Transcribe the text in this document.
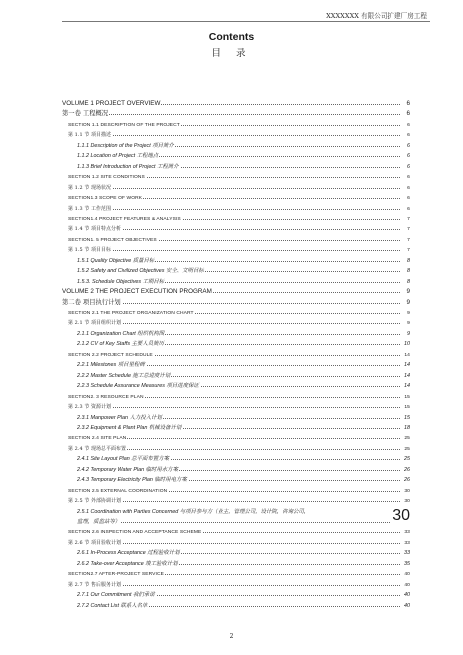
XXXXXXX 有限公司扩建厂房工程
Contents
目 录
VOLUME 1 PROJECT OVERVIEW	6
第一卷 工程概况	6
SECTION 1.1 DESCRIPTION OF THE PROJECT	6
第 1.1 节 项目描述	6
1.1.1 Description of the Project 项目简介	6
1.1.2 Location of Project 工程地点	6
1.1.3 Brief Introduction of Project 工程简介	6
SECTION 1.2 SITE CONDITIONS	6
第 1.2 节 现场状况	6
SECTION1.3 SCOPE OF WORK	6
第 1.3 节 工作范围	6
SECTION1.4 PROJECT FEATURES & ANALYSIS	7
第 1.4 节 项目特点分析	7
SECTION1. 5 PROJECT OBJECTIVES	7
第 1.5 节 项目目标	7
1.5.1 Quality Objective 质量目标	8
1.5.2 Safety and Civilized Objectives 安全、文明目标	8
1.5.3. Schedule Objectives 工期目标	8
VOLUME 2 THE PROJECT EXECUTION PROGRAM	9
第二卷 项目执行计划	9
SECTION 2.1 THE PROJECT ORGANIZATION CHART	9
第 2.1 节 项目组织计划	9
2.1.1 Organization Chart 组织机构图	9
2.1.2 CV of Key Staffs 主要人员简历	10
SECTION 2.2 PROJECT SCHEDULE	14
2.2.1 Milestones 项目里程碑	14
2.2.2 Master Schedule 施工总进度计划	14
2.2.3 Schedule Assurance Measures 项目进度保证	14
SECTION2. 3 RESOURCE PLAN	15
第 2.3 节 资源计划	15
2.3.1 Manpower Plan 人力投入计划	15
2.3.2 Equipment & Plant Plan 机械设备计划	18
SECTION 2.4 SITE PLAN	25
第 2.4 节 现场总平面布置	25
2.4.1 Site Layout Plan 总平面布置方案	25
2.4.2 Temporary Water Plan 临时用水方案	26
2.4.3 Temporary Electricity Plan 临时用电方案	26
SECTION 2.5 EXTERNAL COORDINATION	30
第 2.5 节 外部协调计划	30
2.5.1 Coordination with Parties Concerned 与项目参与方（业主，管理公司，设计院，咨询公司，
监理，质监站等）	30
SECTION 2.6 INSPECTION AND ACCEPTANCE SCHEME	33
第 2.6 节 项目验收计划	33
2.6.1 In-Process Acceptance 过程验收计划	33
2.6.2 Take-over Acceptance 竣工验收计划	35
SECTION2.7 AFTER-PROJECT SERVICE	40
第 2.7 节 售后服务计划	40
2.7.1 Our Commitment 我们承诺	40
2.7.2 Contact List 联系人名单	40
2
